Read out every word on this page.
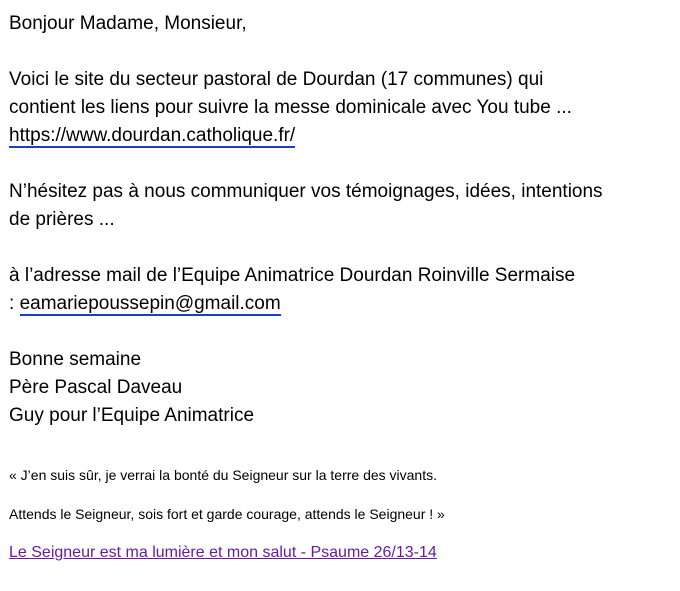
Bonjour Madame, Monsieur,
Voici le site du secteur pastoral de Dourdan (17 communes) qui
contient les liens pour suivre la messe dominicale avec You tube ...
https://www.dourdan.catholique.fr/
N’hésitez pas à nous communiquer vos témoignages, idées, intentions
de prières ...
à l’adresse mail de l’Equipe Animatrice Dourdan Roinville Sermaise
: eamariepoussepin@gmail.com
Bonne semaine
Père Pascal Daveau
Guy pour l’Equipe Animatrice
« J’en suis sûr, je verrai la bonté du Seigneur sur la terre des vivants.
Attends le Seigneur, sois fort et garde courage, attends le Seigneur ! »
Le Seigneur est ma lumière et mon salut - Psaume 26/13-14
